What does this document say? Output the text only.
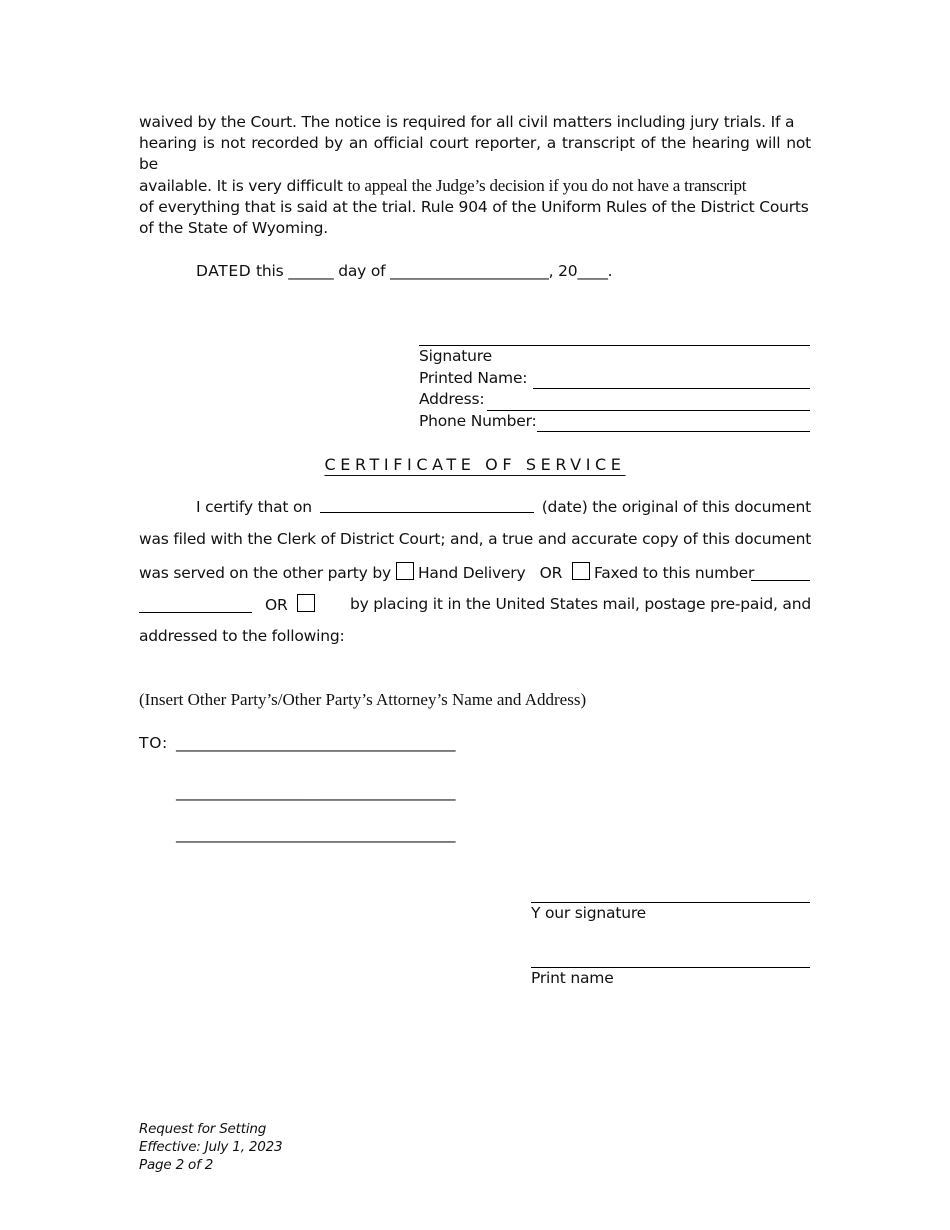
waived by the Court. The notice is required for all civil matters including jury trials. If a
hearing is not recorded by an official court reporter, a transcript of the hearing will not be
available. It is very difficult to appeal the Judge’s decision if you do not have a transcript
of everything that is said at the trial. Rule 904 of the Uniform Rules of the District Courts
of the State of Wyoming.
DATED this ______ day of _____________________, 20____.
Signature
Printed Name:
Address:
Phone Number:
CERTIFICATE OF SERVICE
I certify that on	(date) the original of this document
was filed with the Clerk of District Court; and, a true and accurate copy of this document
was served on the other party by Hand Delivery OR Faxed to this number
OR	by placing it in the United States mail, postage pre-paid, and
addressed to the following:
(Insert Other Party’s/Other Party’s Attorney’s Name and Address)
TO: _____________________________________
_____________________________________
_____________________________________
Y our signature
Print name
Request for Setting
Effective: July 1, 2023
Page 2 of 2
